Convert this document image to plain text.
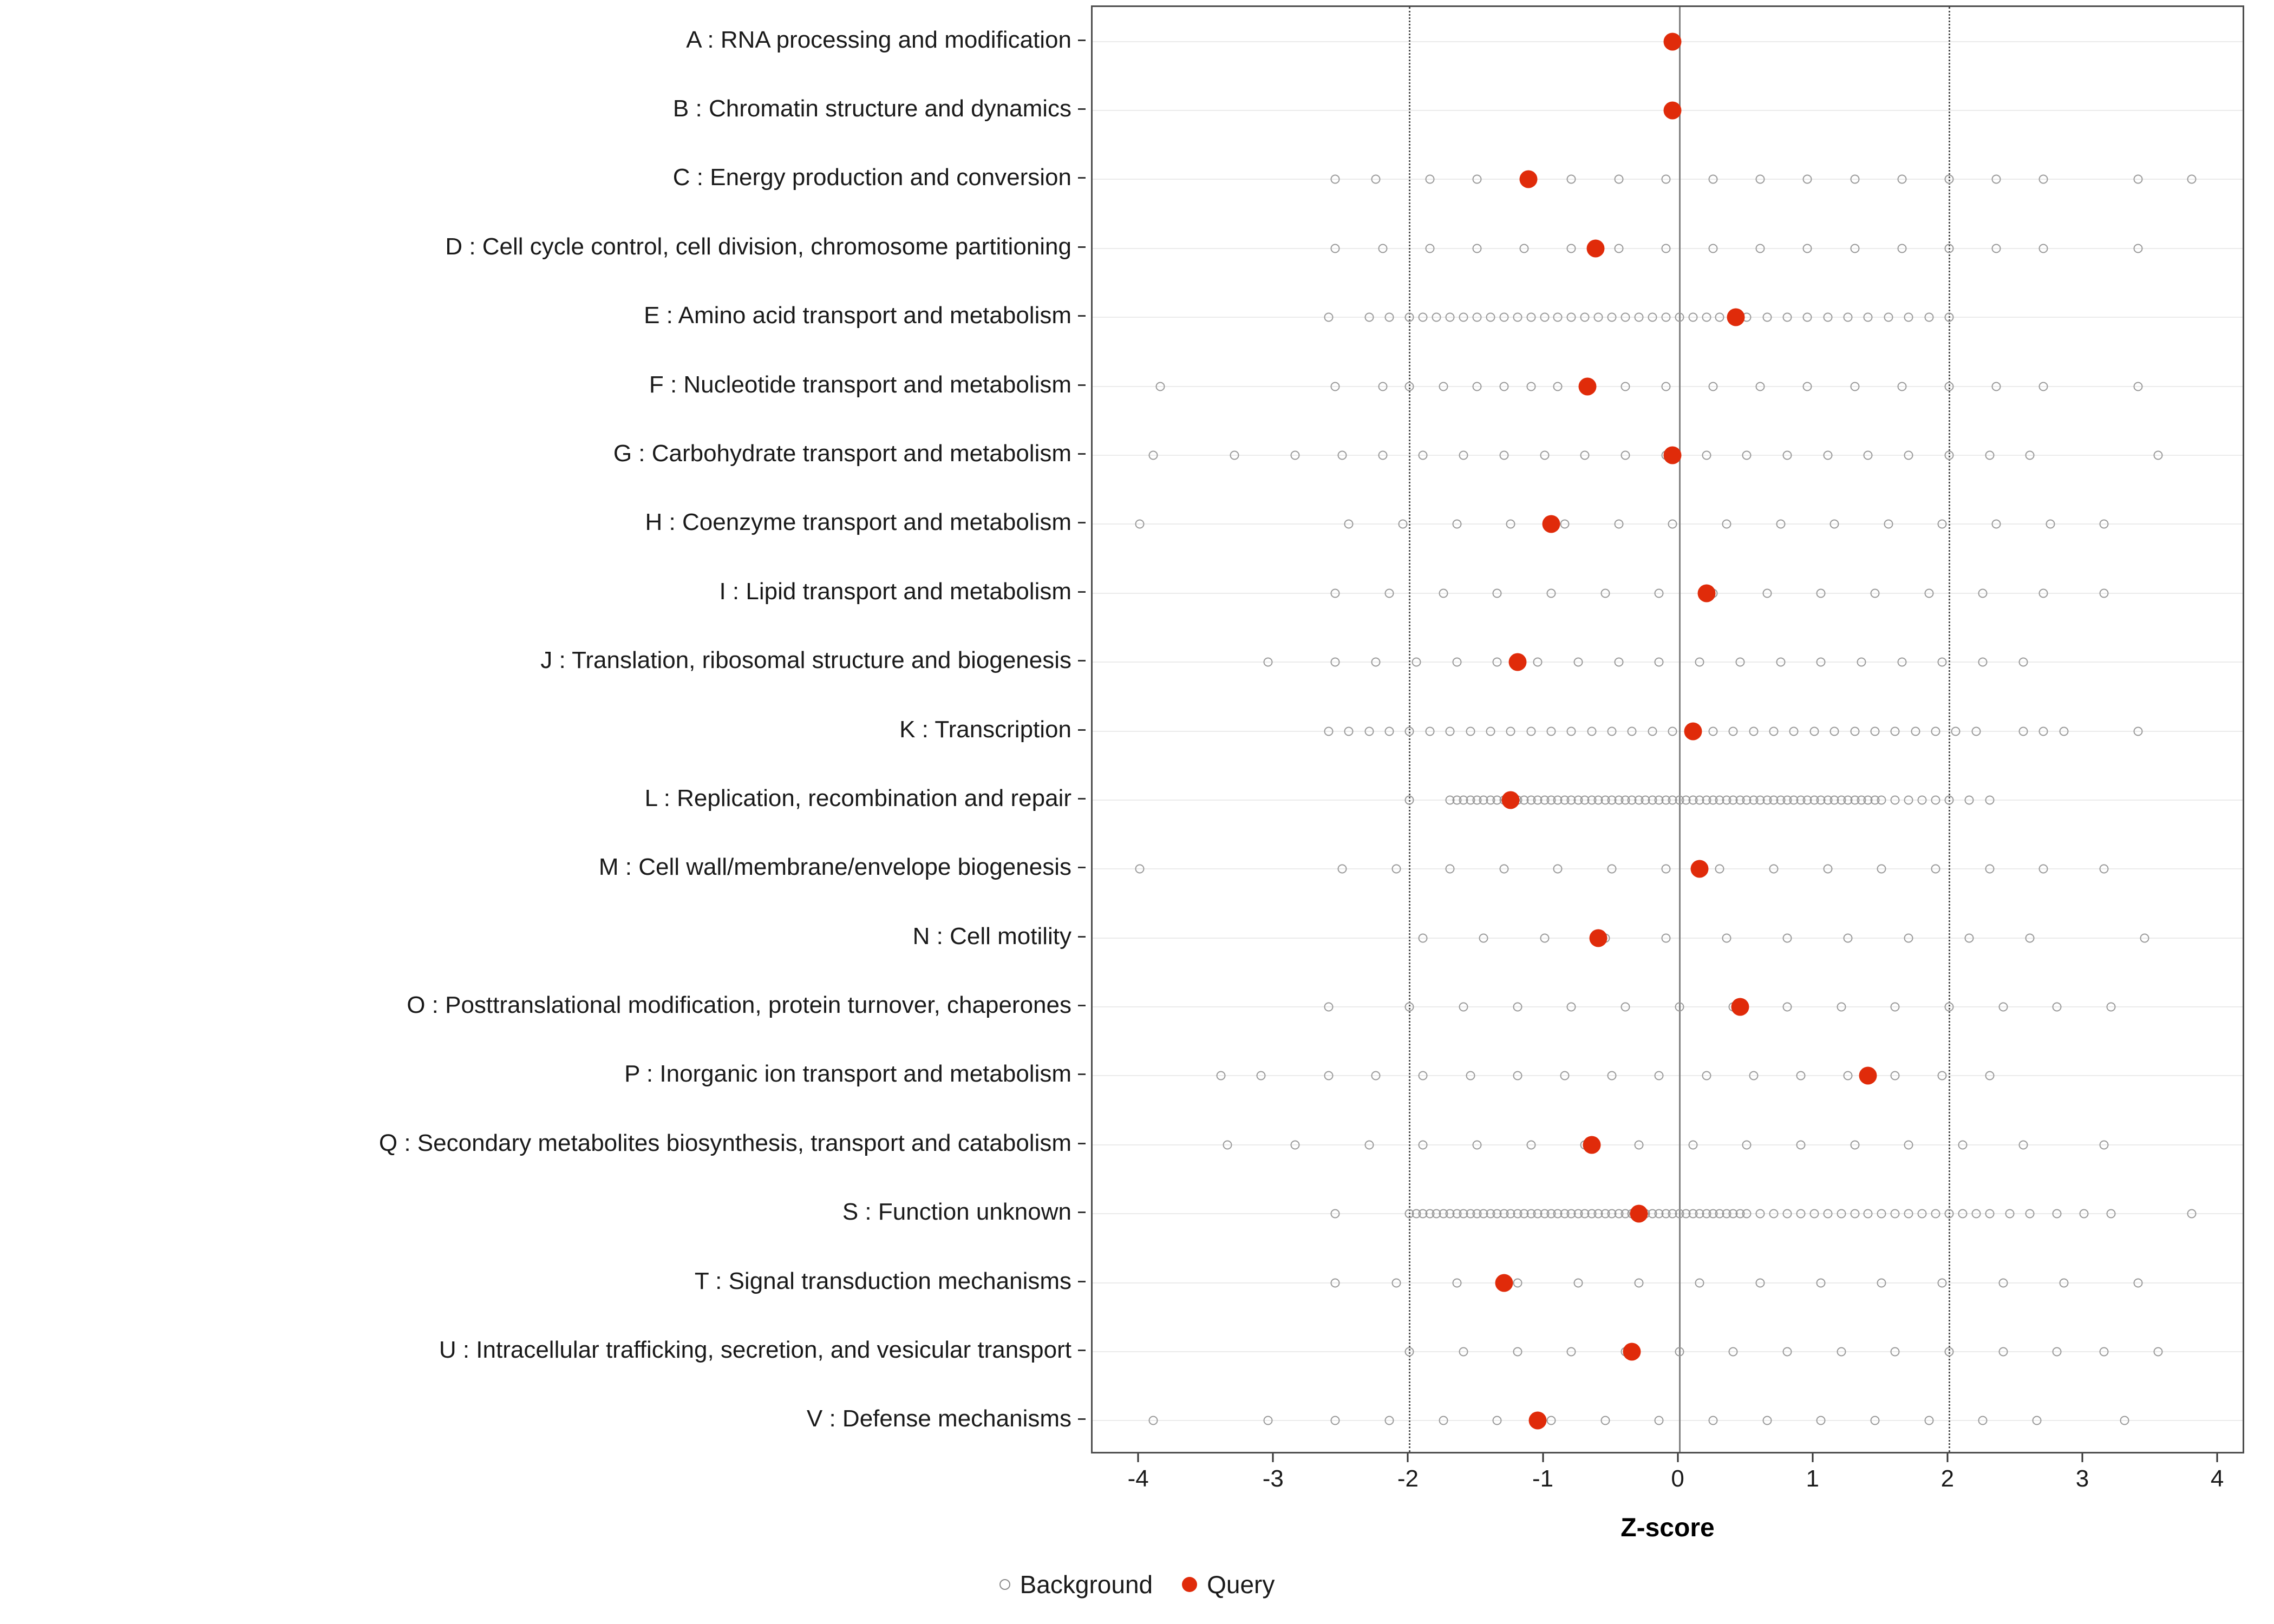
A : RNA processing and modification
B : Chromatin structure and dynamics
C : Energy production and conversion
D : Cell cycle control, cell division, chromosome partitioning
E : Amino acid transport and metabolism
F : Nucleotide transport and metabolism
G : Carbohydrate transport and metabolism
H : Coenzyme transport and metabolism
I : Lipid transport and metabolism
J : Translation, ribosomal structure and biogenesis
K : Transcription
L : Replication, recombination and repair
M : Cell wall/membrane/envelope biogenesis
N : Cell motility
O : Posttranslational modification, protein turnover, chaperones
P : Inorganic ion transport and metabolism
Q : Secondary metabolites biosynthesis, transport and catabolism
S : Function unknown
T : Signal transduction mechanisms
U : Intracellular trafficking, secretion, and vesicular transport
V : Defense mechanisms
-4	-3	-2	-1	0	1	2	3	4
Z-score
Background Query
